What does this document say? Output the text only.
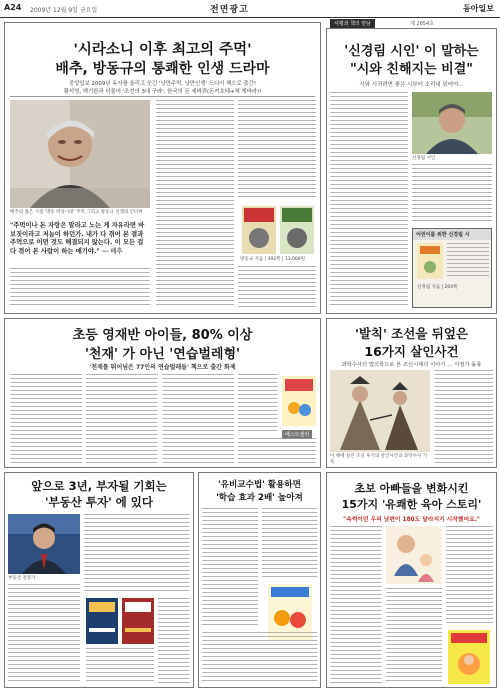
A24 2009년 12월 9일 금요일	전면광고	동아일보
'시라소니 이후 최고의 주먹'
배추, 방동규의 통쾌한 인생 드라마
중앙일보 2009년 독자를 울리고 웃긴 '낭만주먹, 낭만인생' 드디어 책으로 출간!
황석영, 백기완과 더불어 '조선의 3대 구라', 한국의 돈 세바퀴(돈키호테+체 게바라)!
배추의 젊은 시절 '명동 비상시대' 주먹 그리고 방동규 선생의 인터뷰
"주먹이나 돈 자랑은 말라고 노는 게 자유라면 바보짓이라고 저놈이 하던가. 내가 다 겪어 본 결과 주먹으로 어떤 것도 해결되지 않는다. 이 모든 걸 다 겪어 본 사람이 하는 얘기야." ― 배추
방동규 지음 | 392쪽 | 13,000원
서평과 책의 만남	제 2654호
'신경림 시인' 이 말하는
"시와 친해지는 비결"
시와 시귀려면 좋은 시부터 소리내 읽어야...
신경림 시인
어린이를 위한 신경림 시
신경림 지음 | 204쪽
초등 영재반 아이들, 80% 이상
'천재' 가 아닌 '연습벌레형'
'천재를 뛰어넘은 77인의 연습벌레들' 책으로 출간 화제
베스트셀러
'발칙' 조선을 뒤엎은
16가지 살인사건
과학수사의 법의학으로 본 조선시대의 이야기 … 서점가 돌풍
이 책에 실린 조선 후기의 살인사건과 과학수사 기록
앞으로 3년, 부자될 기회는
'부동산 투자' 에 있다
부동산 전문가
'유비교수법' 활용하면
'학습 효과 2배' 높아져
초보 아빠들을 변화시킨
15가지 '유쾌한 육아 스토리'
"속썩이던 우리 남편이 180도 달라지기 시작했어요."
